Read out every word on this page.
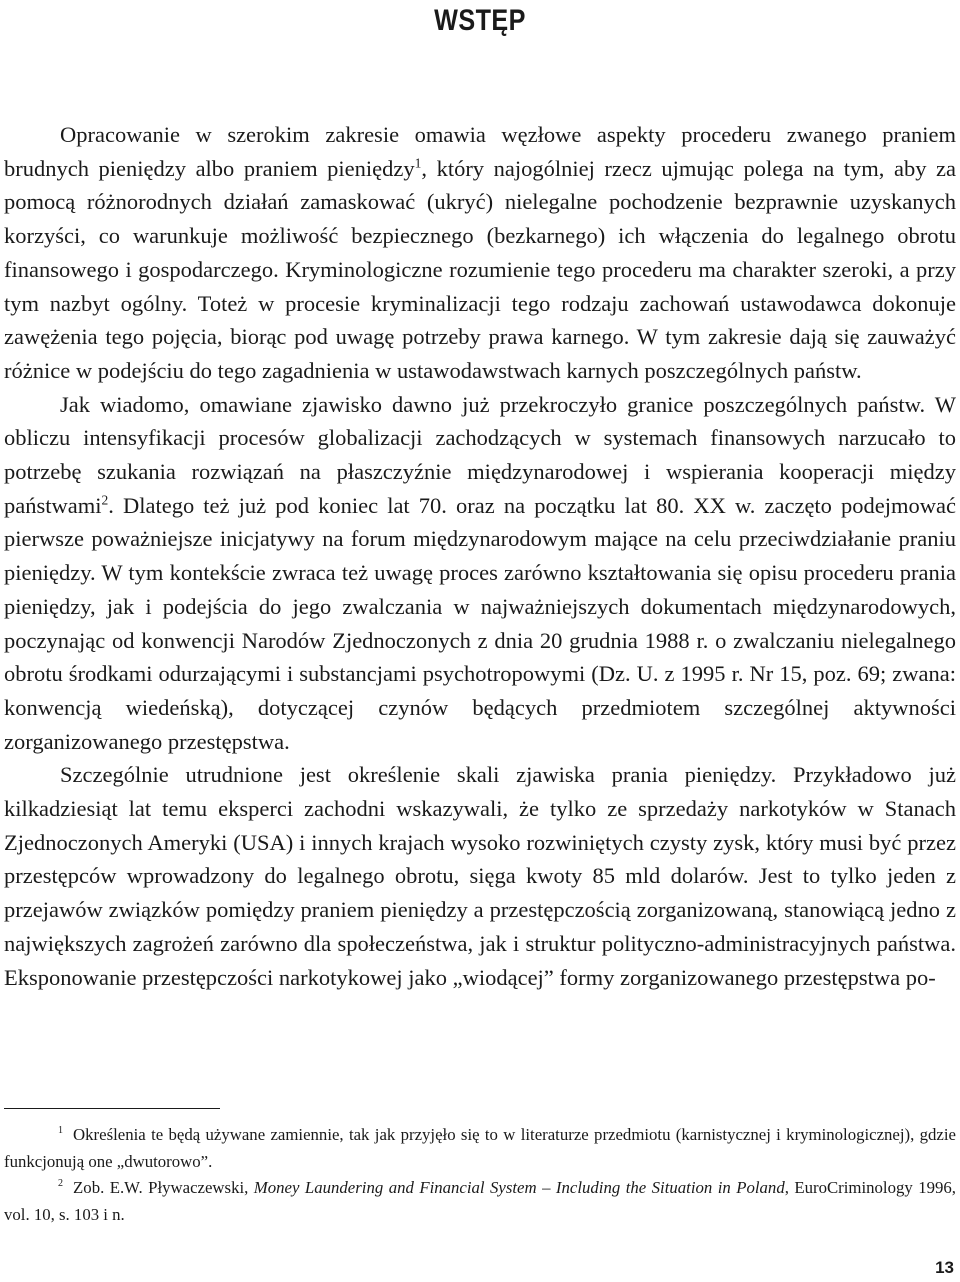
WSTĘP

Opracowanie w szerokim zakresie omawia węzłowe aspekty procederu zwanego praniem brudnych pieniędzy albo praniem pieniędzy$^1$, który najogólniej rzecz ujmując polega na tym, aby za pomocą różnorodnych działań zamaskować (ukryć) nielegalne pochodzenie bezprawnie uzyskanych korzyści, co warunkuje możliwość bezpiecznego (bezkarnego) ich włączenia do legalnego obrotu finansowego i gospodarczego. Kryminologiczne rozumienie tego procederu ma charakter szeroki, a przy tym nazbyt ogólny. Toteż w procesie kryminalizacji tego rodzaju zachowań ustawodawca dokonuje zawężenia tego pojęcia, biorąc pod uwagę potrzeby prawa karnego. W tym zakresie dają się zauważyć różnice w podejściu do tego zagadnienia w ustawodawstwach karnych poszczególnych państw.

Jak wiadomo, omawiane zjawisko dawno już przekroczyło granice poszczególnych państw. W obliczu intensyfikacji procesów globalizacji zachodzących w systemach finansowych narzucało to potrzebę szukania rozwiązań na płaszczyźnie międzynarodowej i wspierania kooperacji między państwami$^2$. Dlatego też już pod koniec lat 70. oraz na początku lat 80. XX w. zaczęto podejmować pierwsze poważniejsze inicjatywy na forum międzynarodowym mające na celu przeciwdziałanie praniu pieniędzy. W tym kontekście zwraca też uwagę proces zarówno kształtowania się opisu procederu prania pieniędzy, jak i podejścia do jego zwalczania w najważniejszych dokumentach międzynarodowych, poczynając od konwencji Narodów Zjednoczonych z dnia 20 grudnia 1988 r. o zwalczaniu nielegalnego obrotu środkami odurzającymi i substancjami psychotropowymi (Dz. U. z 1995 r. Nr 15, poz. 69; zwana: konwencją wiedeńską), dotyczącej czynów będących przedmiotem szczególnej aktywności zorganizowanego przestępstwa.

Szczególnie utrudnione jest określenie skali zjawiska prania pieniędzy. Przykładowo już kilkadziesiąt lat temu eksperci zachodni wskazywali, że tylko ze sprzedaży narkotyków w Stanach Zjednoczonych Ameryki (USA) i innych krajach wysoko rozwiniętych czysty zysk, który musi być przez przestępców wprowadzony do legalnego obrotu, sięga kwoty 85 mld dolarów. Jest to tylko jeden z przejawów związków pomiędzy praniem pieniędzy a przestępczością zorganizowaną, stanowiącą jedno z największych zagrożeń zarówno dla społeczeństwa, jak i struktur polityczno-administracyjnych państwa. Eksponowanie przestępczości narkotykowej jako „wiodącej” formy zorganizowanego przestępstwa po-

$^1$ Określenia te będą używane zamiennie, tak jak przyjęło się to w literaturze przedmiotu (karnistycznej i kryminologicznej), gdzie funkcjonują one „dwutorowo”.

$^2$ Zob. E.W. Pływaczewski, Money Laundering and Financial System – Including the Situation in Poland, EuroCriminology 1996, vol. 10, s. 103 i n.

13
